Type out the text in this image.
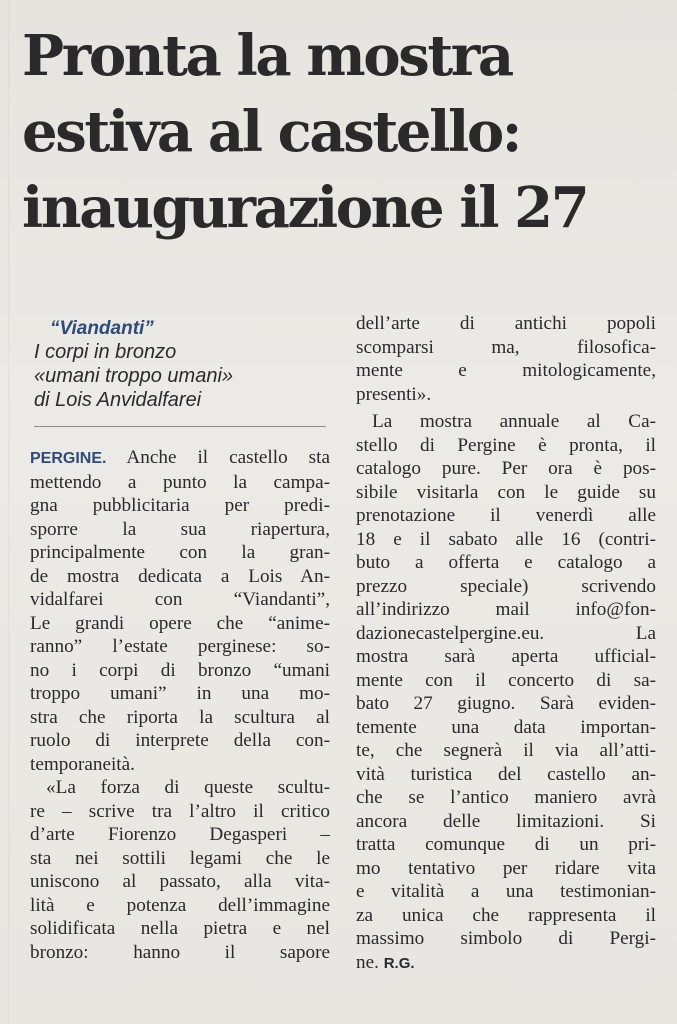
Pronta la mostra
estiva al castello:
inaugurazione il 27
“Viandanti”
I corpi in bronzo
«umani troppo umani»
di Lois Anvidalfarei
PERGINE. Anche il castello sta
mettendo a punto la campa-
gna pubblicitaria per predi-
sporre la sua riapertura,
principalmente con la gran-
de mostra dedicata a Lois An-
vidalfarei con “Viandanti”,
Le grandi opere che “anime-
ranno” l’estate perginese: so-
no i corpi di bronzo “umani
troppo umani” in una mo-
stra che riporta la scultura al
ruolo di interprete della con-
temporaneità.
«La forza di queste scultu-
re – scrive tra l’altro il critico
d’arte Fiorenzo Degasperi –
sta nei sottili legami che le
uniscono al passato, alla vita-
lità e potenza dell’immagine
solidificata nella pietra e nel
bronzo: hanno il sapore
dell’arte di antichi popoli
scomparsi ma, filosofica-
mente e mitologicamente,
presenti».
La mostra annuale al Ca-
stello di Pergine è pronta, il
catalogo pure. Per ora è pos-
sibile visitarla con le guide su
prenotazione il venerdì alle
18 e il sabato alle 16 (contri-
buto a offerta e catalogo a
prezzo speciale) scrivendo
all’indirizzo mail info@fon-
dazionecastelpergine.eu. La
mostra sarà aperta ufficial-
mente con il concerto di sa-
bato 27 giugno. Sarà eviden-
temente una data importan-
te, che segnerà il via all’atti-
vità turistica del castello an-
che se l’antico maniero avrà
ancora delle limitazioni. Si
tratta comunque di un pri-
mo tentativo per ridare vita
e vitalità a una testimonian-
za unica che rappresenta il
massimo simbolo di Pergi-
ne. R.G.
